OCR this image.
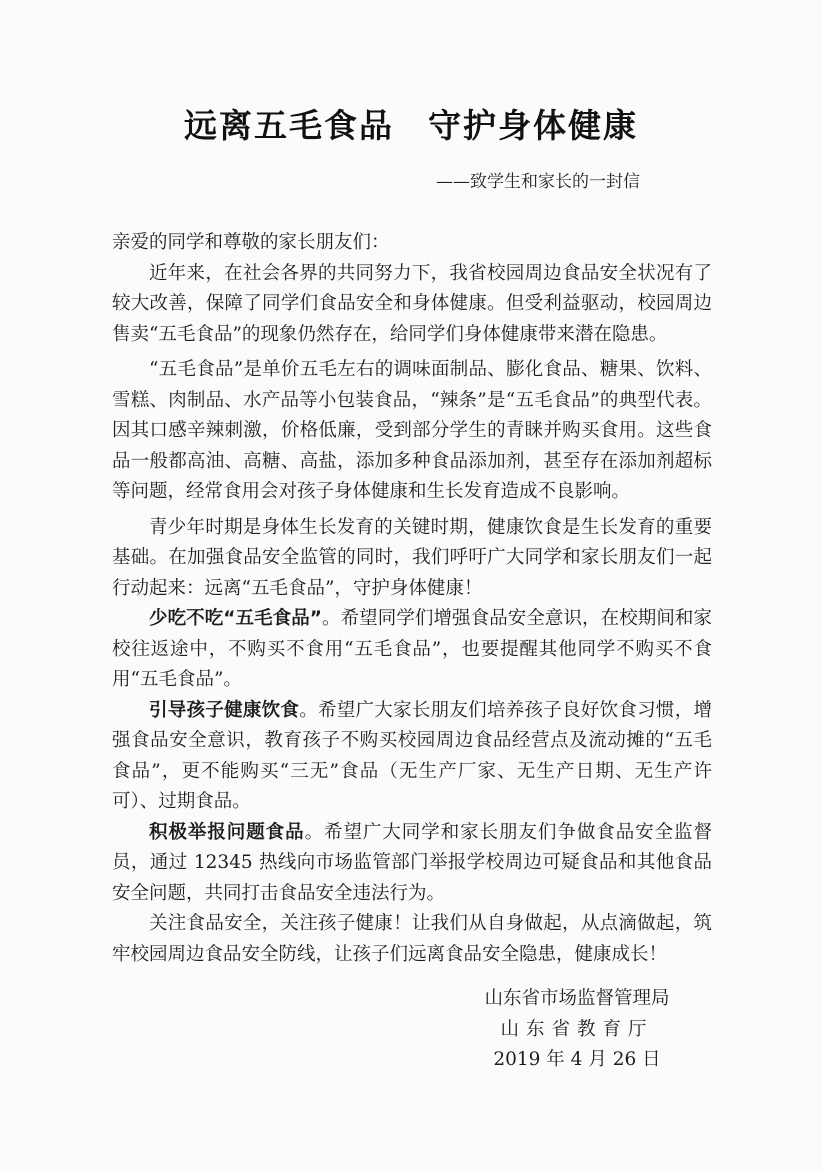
远离五毛食品 守护身体健康
——致学生和家长的一封信

亲爱的同学和尊敬的家长朋友们：

近年来，在社会各界的共同努力下，我省校园周边食品安全状况有了较大改善，保障了同学们食品安全和身体健康。但受利益驱动，校园周边售卖“五毛食品”的现象仍然存在，给同学们身体健康带来潜在隐患。

“五毛食品”是单价五毛左右的调味面制品、膨化食品、糖果、饮料、雪糕、肉制品、水产品等小包装食品，“辣条”是“五毛食品”的典型代表。因其口感辛辣刺激，价格低廉，受到部分学生的青睐并购买食用。这些食品一般都高油、高糖、高盐，添加多种食品添加剂，甚至存在添加剂超标等问题，经常食用会对孩子身体健康和生长发育造成不良影响。

青少年时期是身体生长发育的关键时期，健康饮食是生长发育的重要基础。在加强食品安全监管的同时，我们呼吁广大同学和家长朋友们一起行动起来：远离“五毛食品”，守护身体健康！

少吃不吃“五毛食品”。希望同学们增强食品安全意识，在校期间和家校往返途中，不购买不食用“五毛食品”，也要提醒其他同学不购买不食用“五毛食品”。

引导孩子健康饮食。希望广大家长朋友们培养孩子良好饮食习惯，增强食品安全意识，教育孩子不购买校园周边食品经营点及流动摊的“五毛食品”，更不能购买“三无”食品（无生产厂家、无生产日期、无生产许可）、过期食品。

积极举报问题食品。希望广大同学和家长朋友们争做食品安全监督员，通过 12345 热线向市场监管部门举报学校周边可疑食品和其他食品安全问题，共同打击食品安全违法行为。

关注食品安全，关注孩子健康！让我们从自身做起，从点滴做起，筑牢校园周边食品安全防线，让孩子们远离食品安全隐患，健康成长！

山东省市场监督管理局
山东省教育厅
2019 年 4 月 26 日
